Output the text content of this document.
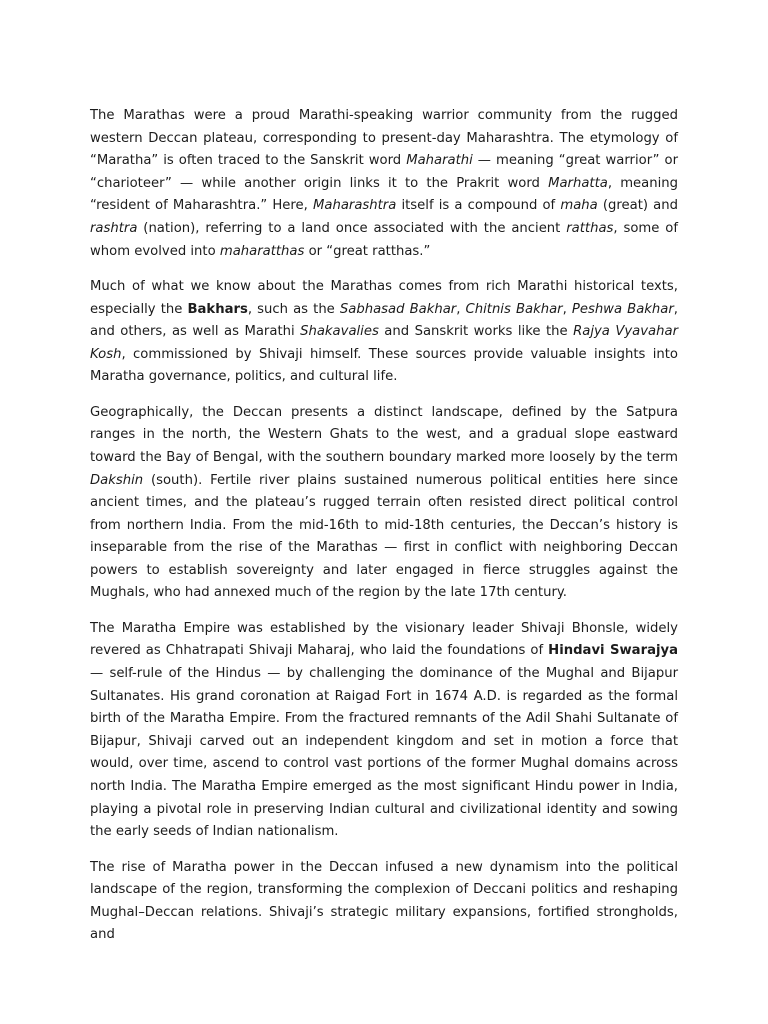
The Marathas were a proud Marathi-speaking warrior community from the rugged western Deccan plateau, corresponding to present-day Maharashtra. The etymology of “Maratha” is often traced to the Sanskrit word Maharathi — meaning “great warrior” or “charioteer” — while another origin links it to the Prakrit word Marhatta, meaning “resident of Maharashtra.” Here, Maharashtra itself is a compound of maha (great) and rashtra (nation), referring to a land once associated with the ancient ratthas, some of whom evolved into maharatthas or “great ratthas.”

Much of what we know about the Marathas comes from rich Marathi historical texts, especially the Bakhars, such as the Sabhasad Bakhar, Chitnis Bakhar, Peshwa Bakhar, and others, as well as Marathi Shakavalies and Sanskrit works like the Rajya Vyavahar Kosh, commissioned by Shivaji himself. These sources provide valuable insights into Maratha governance, politics, and cultural life.

Geographically, the Deccan presents a distinct landscape, defined by the Satpura ranges in the north, the Western Ghats to the west, and a gradual slope eastward toward the Bay of Bengal, with the southern boundary marked more loosely by the term Dakshin (south). Fertile river plains sustained numerous political entities here since ancient times, and the plateau’s rugged terrain often resisted direct political control from northern India. From the mid-16th to mid-18th centuries, the Deccan’s history is inseparable from the rise of the Marathas — first in conflict with neighboring Deccan powers to establish sovereignty and later engaged in fierce struggles against the Mughals, who had annexed much of the region by the late 17th century.

The Maratha Empire was established by the visionary leader Shivaji Bhonsle, widely revered as Chhatrapati Shivaji Maharaj, who laid the foundations of Hindavi Swarajya — self-rule of the Hindus — by challenging the dominance of the Mughal and Bijapur Sultanates. His grand coronation at Raigad Fort in 1674 A.D. is regarded as the formal birth of the Maratha Empire. From the fractured remnants of the Adil Shahi Sultanate of Bijapur, Shivaji carved out an independent kingdom and set in motion a force that would, over time, ascend to control vast portions of the former Mughal domains across north India. The Maratha Empire emerged as the most significant Hindu power in India, playing a pivotal role in preserving Indian cultural and civilizational identity and sowing the early seeds of Indian nationalism.

The rise of Maratha power in the Deccan infused a new dynamism into the political landscape of the region, transforming the complexion of Deccani politics and reshaping Mughal–Deccan relations. Shivaji’s strategic military expansions, fortified strongholds, and
